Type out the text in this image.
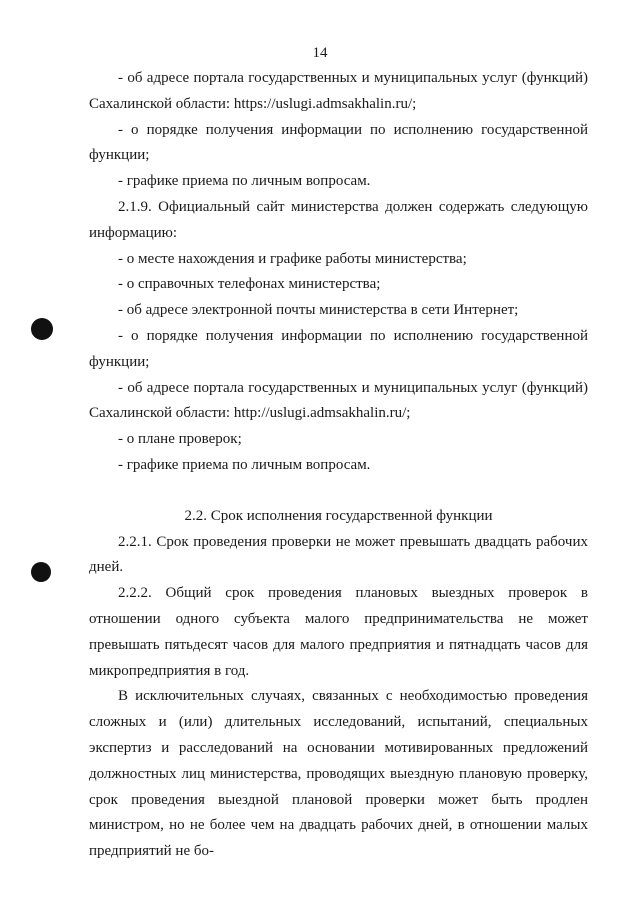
14

- об адресе портала государственных и муниципальных услуг (функций) Сахалинской области: https://uslugi.admsakhalin.ru/;

- о порядке получения информации по исполнению государственной функции;

- графике приема по личным вопросам.

2.1.9. Официальный сайт министерства должен содержать следующую информацию:

- о месте нахождения и графике работы министерства;

- о справочных телефонах министерства;

- об адресе электронной почты министерства в сети Интернет;

- о порядке получения информации по исполнению государственной функции;

- об адресе портала государственных и муниципальных услуг (функций) Сахалинской области: http://uslugi.admsakhalin.ru/;

- о плане проверок;

- графике приема по личным вопросам.

2.2. Срок исполнения государственной функции

2.2.1. Срок проведения проверки не может превышать двадцать рабочих дней.

2.2.2. Общий срок проведения плановых выездных проверок в отношении одного субъекта малого предпринимательства не может превышать пятьдесят часов для малого предприятия и пятнадцать часов для микропредприятия в год.

В исключительных случаях, связанных с необходимостью проведения сложных и (или) длительных исследований, испытаний, специальных экспертиз и расследований на основании мотивированных предложений должностных лиц министерства, проводящих выездную плановую проверку, срок проведения выездной плановой проверки может быть продлен министром, но не более чем на двадцать рабочих дней, в отношении малых предприятий не бо-
